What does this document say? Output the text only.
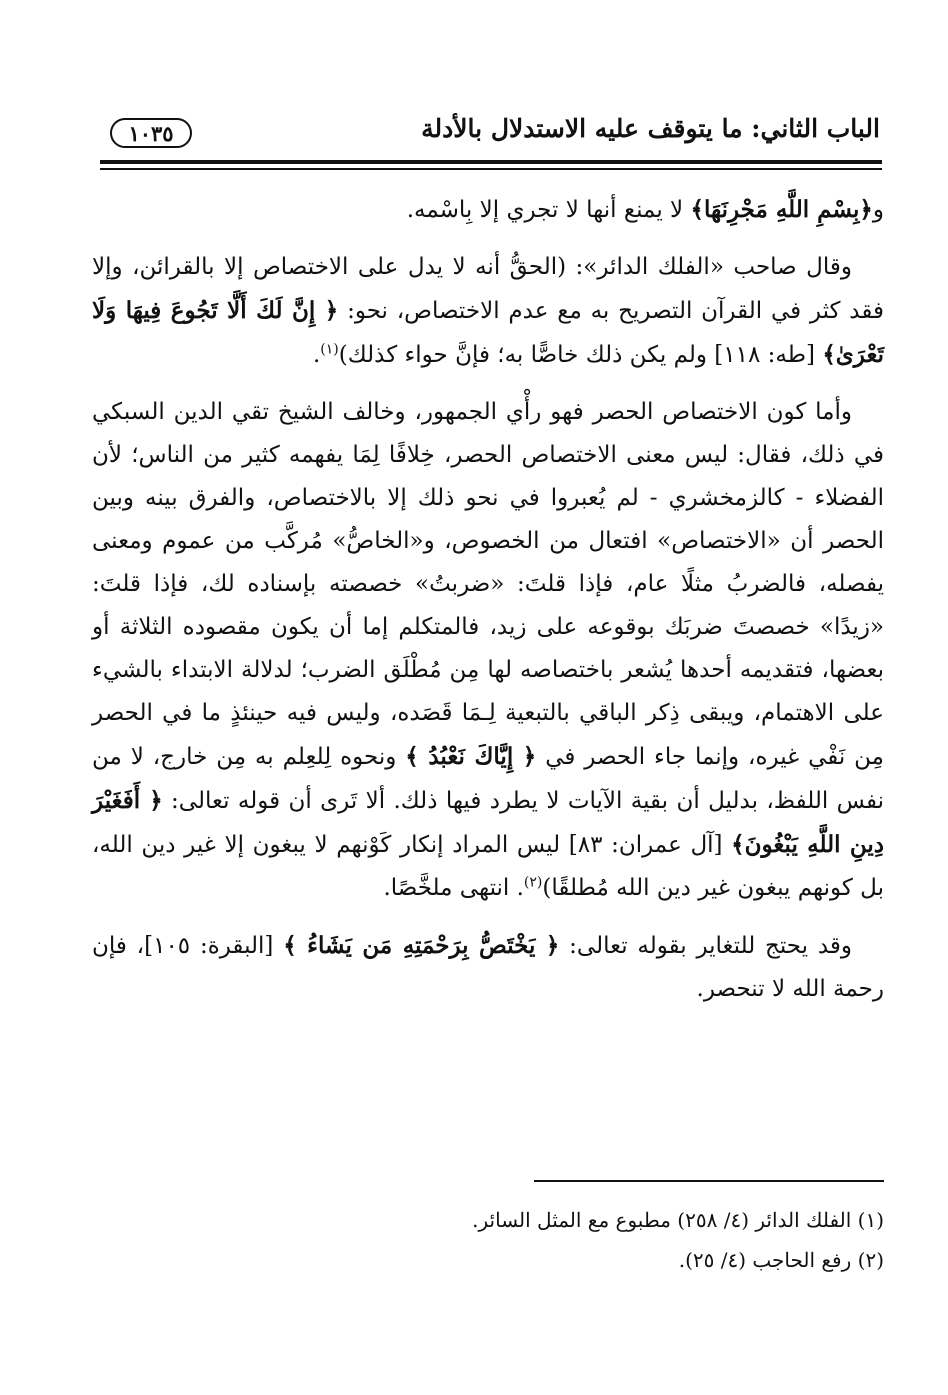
الباب الثاني: ما يتوقف عليه الاستدلال بالأدلة
١٠٣٥

و﴿بِسْمِ اللَّهِ مَجْرِنَهَا﴾ لا يمنع أنها لا تجري إلا بِاسْمه.

وقال صاحب «الفلك الدائر»: (الحقُّ أنه لا يدل على الاختصاص إلا بالقرائن، وإلا فقد كثر في القرآن التصريح به مع عدم الاختصاص، نحو: ﴿ إِنَّ لَكَ أَلَّا تَجُوعَ فِيهَا وَلَا تَعْرَىٰ﴾ [طه: ١١٨] ولم يكن ذلك خاصًّا به؛ فإنَّ حواء كذلك)$^{(١)}$.

وأما كون الاختصاص الحصر فهو رأْي الجمهور، وخالف الشيخ تقي الدين السبكي في ذلك، فقال: ليس معنى الاختصاص الحصر، خِلافًا لِمَا يفهمه كثير من الناس؛ لأن الفضلاء - كالزمخشري - لم يُعبروا في نحو ذلك إلا بالاختصاص، والفرق بينه وبين الحصر أن «الاختصاص» افتعال من الخصوص، و«الخاصُّ» مُركَّب من عموم ومعنى يفصله، فالضربُ مثلًا عام، فإذا قلتَ: «ضربتُ» خصصته بإسناده لك، فإذا قلتَ: «زيدًا» خصصتَ ضربَك بوقوعه على زيد، فالمتكلم إما أن يكون مقصوده الثلاثة أو بعضها، فتقديمه أحدها يُشعر باختصاصه لها مِن مُطْلَق الضرب؛ لدلالة الابتداء بالشيء على الاهتمام، ويبقى ذِكر الباقي بالتبعية لِـمَا قَصَده، وليس فيه حينئذٍ ما في الحصر مِن نَفْي غيره، وإنما جاء الحصر في ﴿ إِيَّاكَ نَعْبُدُ ﴾ ونحوه لِلعِلم به مِن خارج، لا من نفس اللفظ، بدليل أن بقية الآيات لا يطرد فيها ذلك. ألا تَرى أن قوله تعالى: ﴿ أَفَغَيْرَ دِينِ اللَّهِ يَبْغُونَ﴾ [آل عمران: ٨٣] ليس المراد إنكار كَوْنهم لا يبغون إلا غير دين الله، بل كونهم يبغون غير دين الله مُطلقًا)$^{(٢)}$. انتهى ملخَّصًا.

وقد يحتج للتغاير بقوله تعالى: ﴿ يَخْتَصُّ بِرَحْمَتِهِ مَن يَشَاءُ ﴾ [البقرة: ١٠٥]، فإن رحمة الله لا تنحصر.

(١) الفلك الدائر (٤/ ٢٥٨) مطبوع مع المثل السائر.
(٢) رفع الحاجب (٤/ ٢٥).
